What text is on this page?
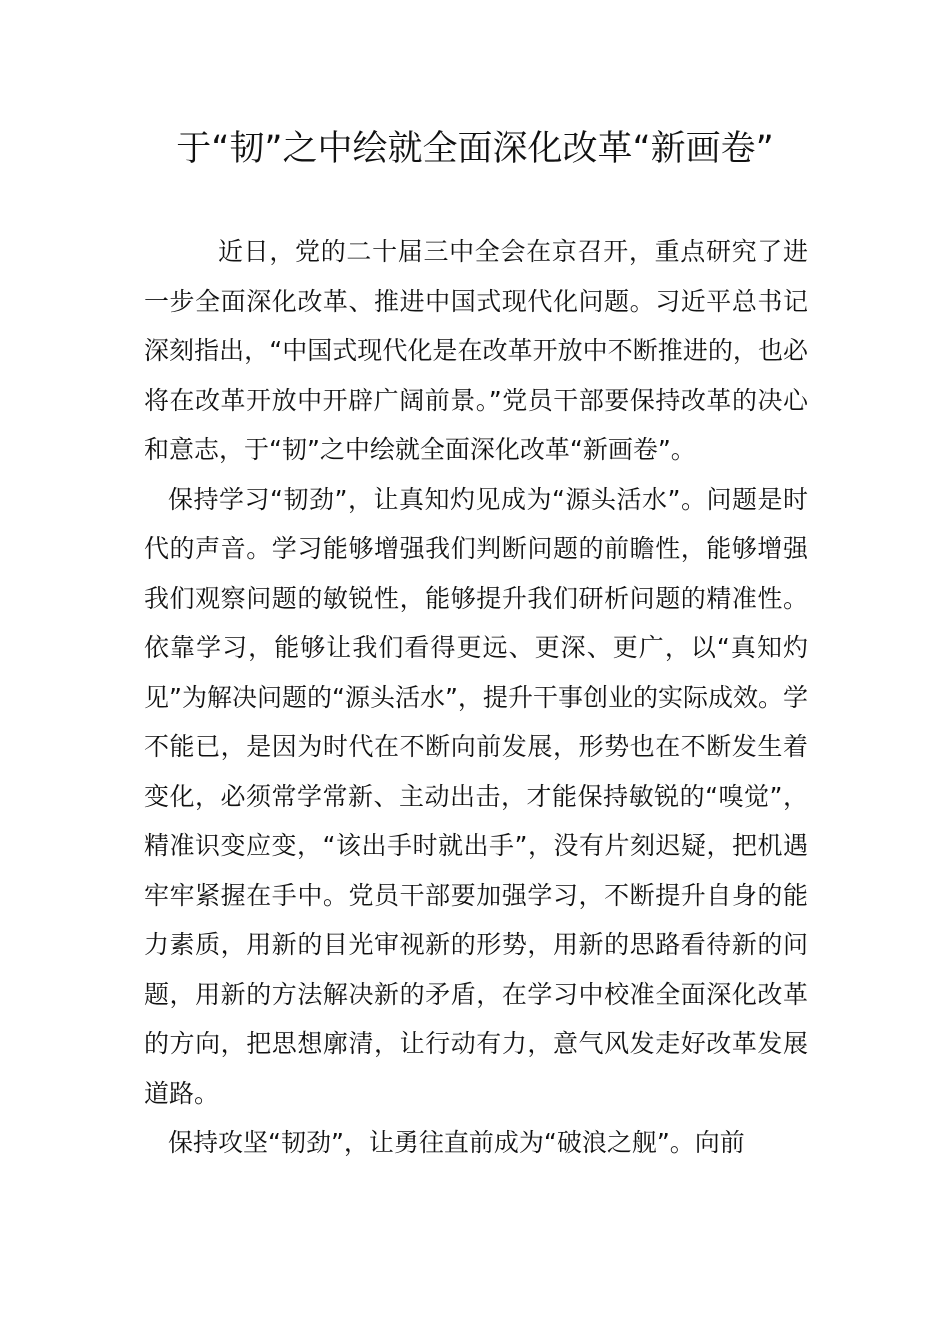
于“韧”之中绘就全面深化改革“新画卷”

近日，党的二十届三中全会在京召开，重点研究了进一步全面深化改革、推进中国式现代化问题。习近平总书记深刻指出，“中国式现代化是在改革开放中不断推进的，也必将在改革开放中开辟广阔前景。”党员干部要保持改革的决心和意志，于“韧”之中绘就全面深化改革“新画卷”。

保持学习“韧劲”，让真知灼见成为“源头活水”。问题是时代的声音。学习能够增强我们判断问题的前瞻性，能够增强我们观察问题的敏锐性，能够提升我们研析问题的精准性。依靠学习，能够让我们看得更远、更深、更广，以“真知灼见”为解决问题的“源头活水”，提升干事创业的实际成效。学不能已，是因为时代在不断向前发展，形势也在不断发生着变化，必须常学常新、主动出击，才能保持敏锐的“嗅觉”，精准识变应变，“该出手时就出手”，没有片刻迟疑，把机遇牢牢紧握在手中。党员干部要加强学习，不断提升自身的能力素质，用新的目光审视新的形势，用新的思路看待新的问题，用新的方法解决新的矛盾，在学习中校准全面深化改革的方向，把思想廓清，让行动有力，意气风发走好改革发展道路。

保持攻坚“韧劲”，让勇往直前成为“破浪之舰”。向前
